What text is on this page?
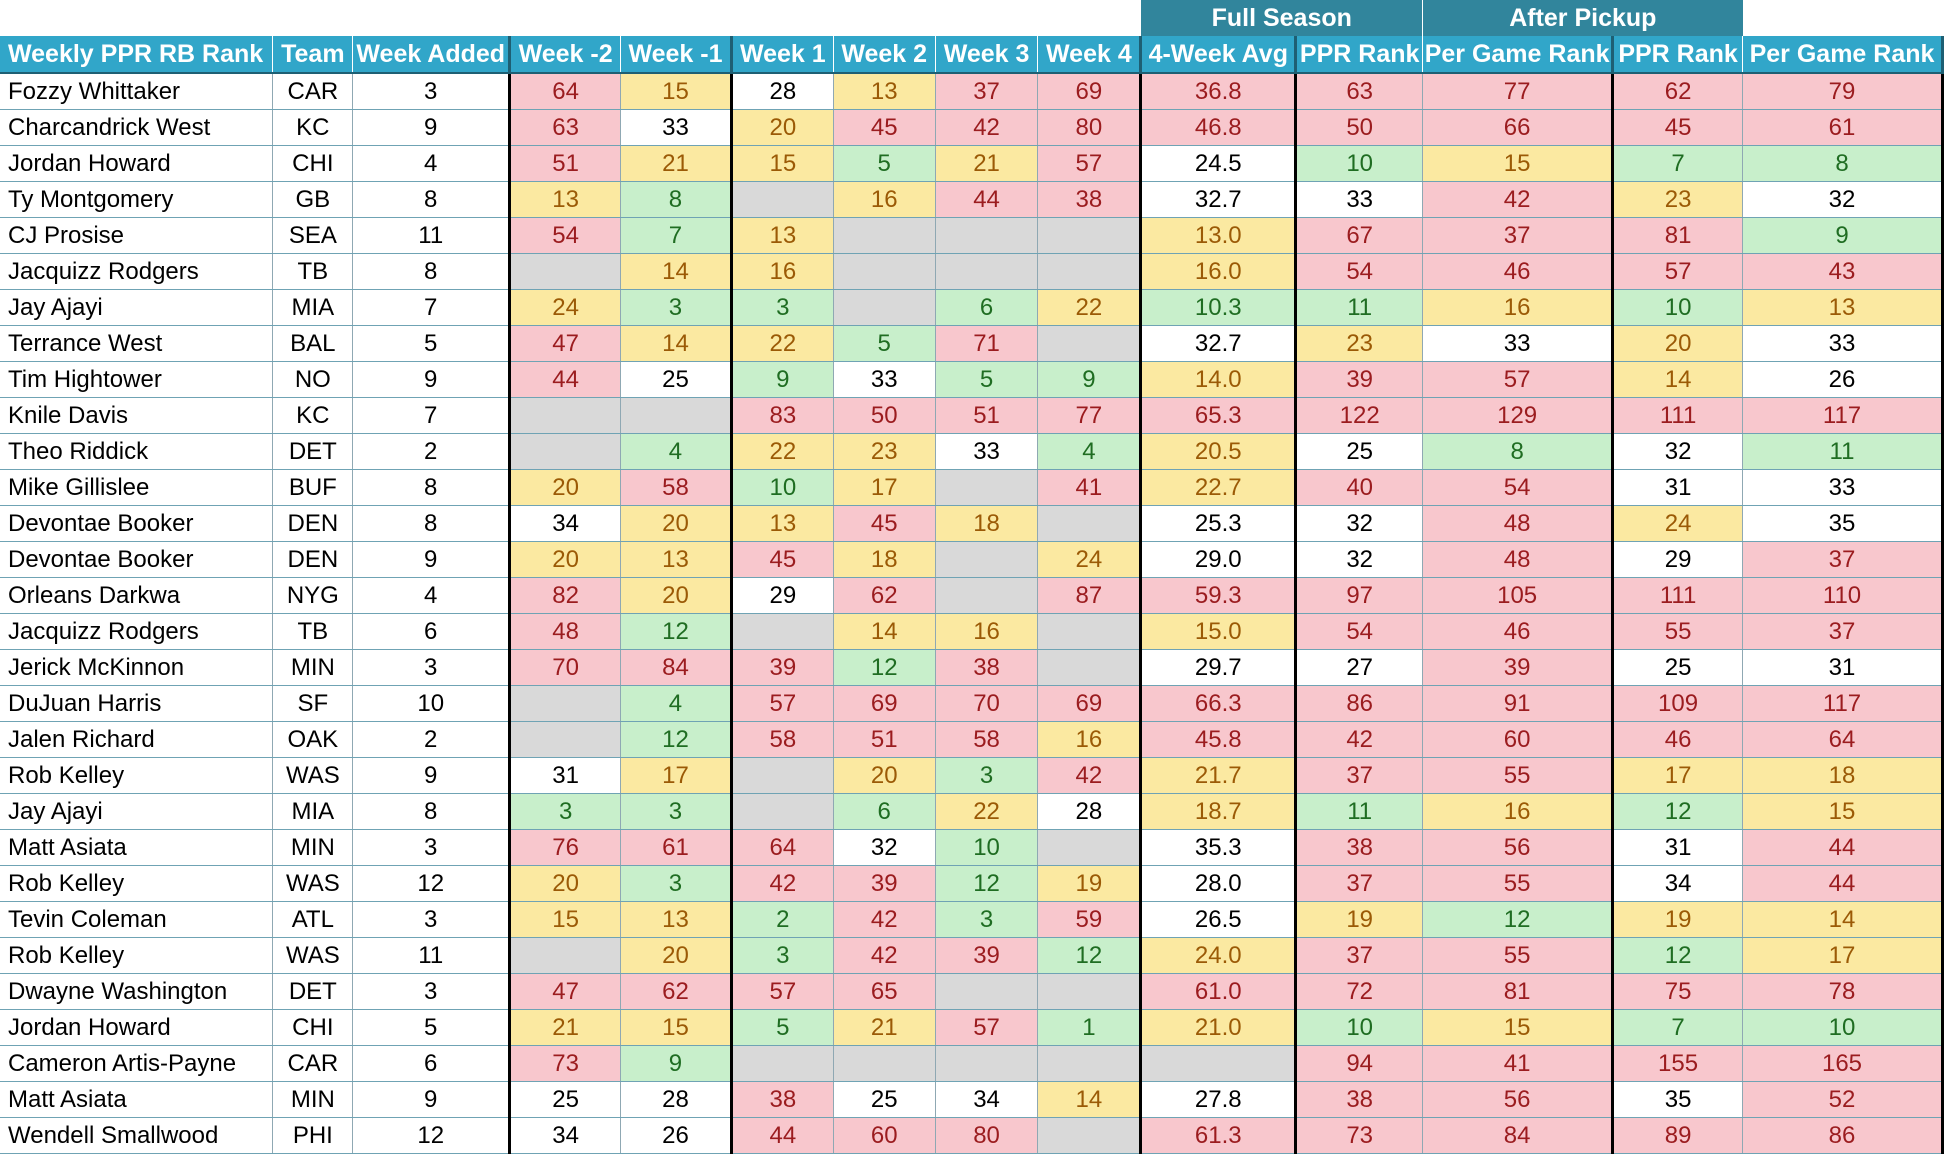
									Full Season		After Pickup		
Weekly PPR RB Rank	Team	Week Added	Week -2	Week -1	Week 1	Week 2	Week 3	Week 4	4-Week Avg	PPR Rank	Per Game Rank	PPR Rank	Per Game Rank
Fozzy Whittaker	CAR	3	64	15	28	13	37	69	36.8	63	77	62	79
Charcandrick West	KC	9	63	33	20	45	42	80	46.8	50	66	45	61
Jordan Howard	CHI	4	51	21	15	5	21	57	24.5	10	15	7	8
Ty Montgomery	GB	8	13	8		16	44	38	32.7	33	42	23	32
CJ Prosise	SEA	11	54	7	13				13.0	67	37	81	9
Jacquizz Rodgers	TB	8		14	16				16.0	54	46	57	43
Jay Ajayi	MIA	7	24	3	3		6	22	10.3	11	16	10	13
Terrance West	BAL	5	47	14	22	5	71		32.7	23	33	20	33
Tim Hightower	NO	9	44	25	9	33	5	9	14.0	39	57	14	26
Knile Davis	KC	7			83	50	51	77	65.3	122	129	111	117
Theo Riddick	DET	2		4	22	23	33	4	20.5	25	8	32	11
Mike Gillislee	BUF	8	20	58	10	17		41	22.7	40	54	31	33
Devontae Booker	DEN	8	34	20	13	45	18		25.3	32	48	24	35
Devontae Booker	DEN	9	20	13	45	18		24	29.0	32	48	29	37
Orleans Darkwa	NYG	4	82	20	29	62		87	59.3	97	105	111	110
Jacquizz Rodgers	TB	6	48	12		14	16		15.0	54	46	55	37
Jerick McKinnon	MIN	3	70	84	39	12	38		29.7	27	39	25	31
DuJuan Harris	SF	10		4	57	69	70	69	66.3	86	91	109	117
Jalen Richard	OAK	2		12	58	51	58	16	45.8	42	60	46	64
Rob Kelley	WAS	9	31	17		20	3	42	21.7	37	55	17	18
Jay Ajayi	MIA	8	3	3		6	22	28	18.7	11	16	12	15
Matt Asiata	MIN	3	76	61	64	32	10		35.3	38	56	31	44
Rob Kelley	WAS	12	20	3	42	39	12	19	28.0	37	55	34	44
Tevin Coleman	ATL	3	15	13	2	42	3	59	26.5	19	12	19	14
Rob Kelley	WAS	11		20	3	42	39	12	24.0	37	55	12	17
Dwayne Washington	DET	3	47	62	57	65			61.0	72	81	75	78
Jordan Howard	CHI	5	21	15	5	21	57	1	21.0	10	15	7	10
Cameron Artis-Payne	CAR	6	73	9						94	41	155	165
Matt Asiata	MIN	9	25	28	38	25	34	14	27.8	38	56	35	52
Wendell Smallwood	PHI	12	34	26	44	60	80		61.3	73	84	89	86
